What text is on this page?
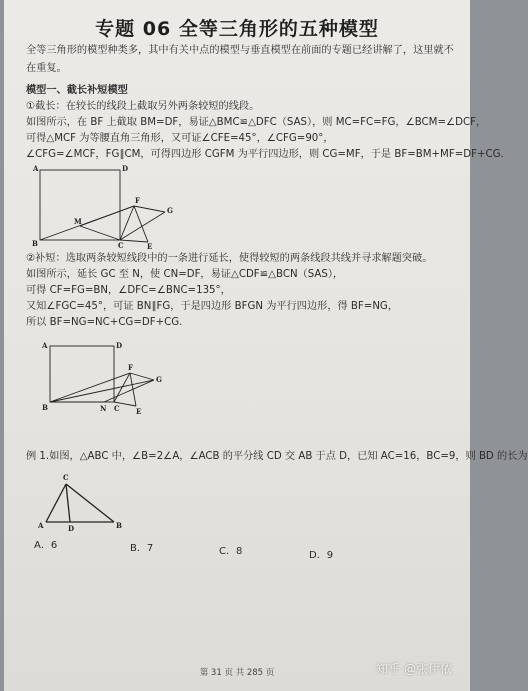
专题 06 全等三角形的五种模型
全等三角形的模型种类多，其中有关中点的模型与垂直模型在前面的专题已经讲解了，这里就不
在重复。
模型一、截长补短模型
①截长：在较长的线段上截取另外两条较短的线段。
如图所示，在 BF 上截取 BM=DF，易证△BMC≌△DFC（SAS），则 MC=FC=FG，∠BCM=∠DCF，
可得△MCF 为等腰直角三角形，又可证∠CFE=45°，∠CFG=90°，
∠CFG=∠MCF，FG∥CM，可得四边形 CGFM 为平行四边形，则 CG=MF，于是 BF=BM+MF=DF+CG.
A	D
F
G
M
B	C	E
②补短：选取两条较短线段中的一条进行延长，使得较短的两条线段共线并寻求解题突破。
如图所示，延长 GC 至 N，使 CN=DF，易证△CDF≌△BCN（SAS），
可得 CF=FG=BN，∠DFC=∠BNC=135°，
又知∠FGC=45°，可证 BN∥FG，于是四边形 BFGN 为平行四边形，得 BF=NG，
所以 BF=NG=NC+CG=DF+CG.
A	D
F
G
B	N C E
例 1.如图，△ABC 中，∠B=2∠A，∠ACB 的平分线 CD 交 AB 于点 D，已知 AC=16，BC=9，则 BD 的长为
C
A	D	B
A．6	B．7	C．8	D．9
第 31 页 共 285 页	知乎 @张伊依
